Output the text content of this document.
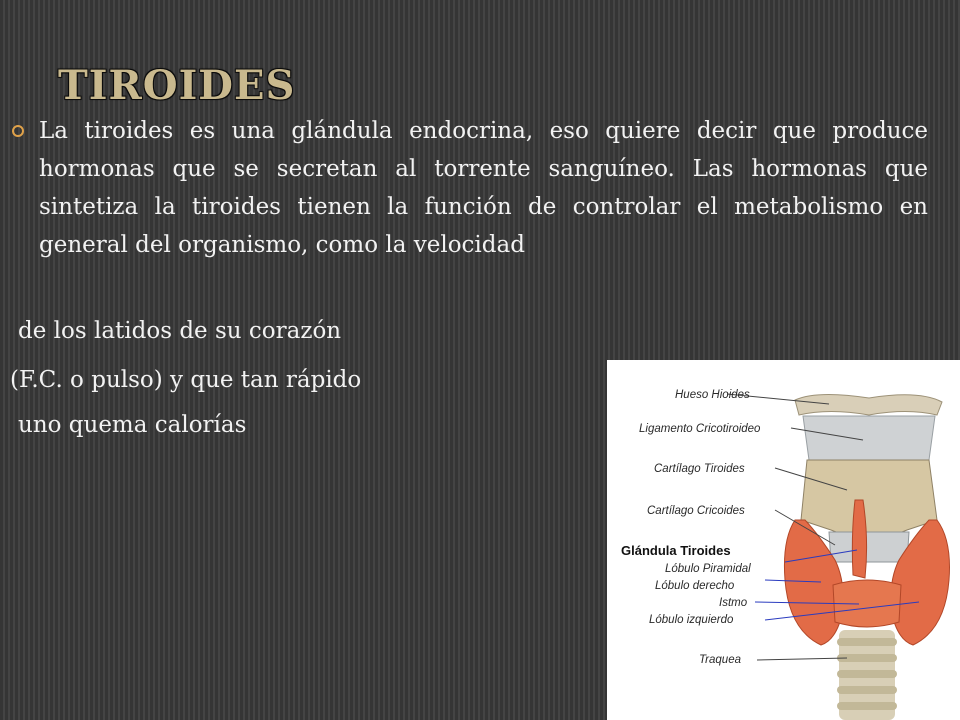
TIROIDES

La tiroides es una glándula endocrina, eso quiere decir que produce hormonas que se secretan al torrente sanguíneo. Las hormonas que sintetiza la tiroides tienen la función de controlar el metabolismo en general del organismo, como la velocidad

de los latidos de su corazón

(F.C. o pulso) y que tan rápido

uno quema calorías

Hueso Hioides
Ligamento Cricotiroideo
Cartílago Tiroides
Cartílago Cricoides
Glándula Tiroides
Lóbulo Piramidal
Lóbulo derecho
Istmo
Lóbulo izquierdo
Traquea
